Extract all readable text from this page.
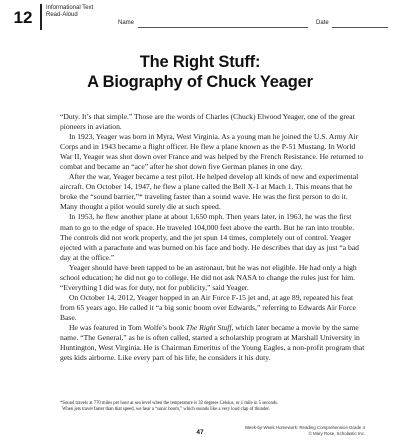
12	Informational Text
Read-Aloud
Name	Date
The Right Stuff:
A Biography of Chuck Yeager

“Duty. It’s that simple.” Those are the words of Charles (Chuck) Elwood Yeager, one of the great pioneers in aviation.

In 1923, Yeager was born in Myra, West Virginia. As a young man he joined the U.S. Army Air Corps and in 1943 became a flight officer. He flew a plane known as the P-51 Mustang. In World War II, Yeager was shot down over France and was helped by the French Resistance. He returned to combat and became an “ace” after he shot down five German planes in one day.

After the war, Yeager became a test pilot. He helped develop all kinds of new and experimental aircraft. On October 14, 1947, he flew a plane called the Bell X-1 at Mach 1. This means that he broke the “sound barrier,”* traveling faster than a sound wave. He was the first person to do it. Many thought a pilot would surely die at such speed.

In 1953, he flew another plane at about 1,650 mph. Then years later, in 1963, he was the first man to go to the edge of space. He traveled 104,000 feet above the earth. But he ran into trouble. The controls did not work properly, and the jet spun 14 times, completely out of control. Yeager ejected with a parachute and was burned on his face and body. He describes that day as just “a bad day at the office.”

Yeager should have been tapped to be an astronaut, but he was not eligible. He had only a high school education; he did not go to college. He did not ask NASA to change the rules just for him. “Everything I did was for duty, not for publicity,” said Yeager.

On October 14, 2012, Yeager hopped in an Air Force F-15 jet and, at age 89, repeated his feat from 65 years ago. He called it “a big sonic boom over Edwards,” referring to Edwards Air Force Base.

He was featured in Tom Wolfe’s book The Right Stuff, which later became a movie by the same name. “The General,” as he is often called, started a scholarship program at Marshall University in Huntington, West Virginia. He is Chairman Emeritus of the Young Eagles, a non-profit program that gets kids airborne. Like every part of his life, he considers it his duty.

*Sound travels at 770 miles per hour at sea level when the temperature is 32 degrees Celsius, or 1 mile in 5 seconds.

When jets travel faster than that speed, we hear a “sonic boom,” which sounds like a very loud clap of thunder.

47
Week-by-Week Homework: Reading Comprehension Grade 4
© Mary Rose, Scholastic Inc.
